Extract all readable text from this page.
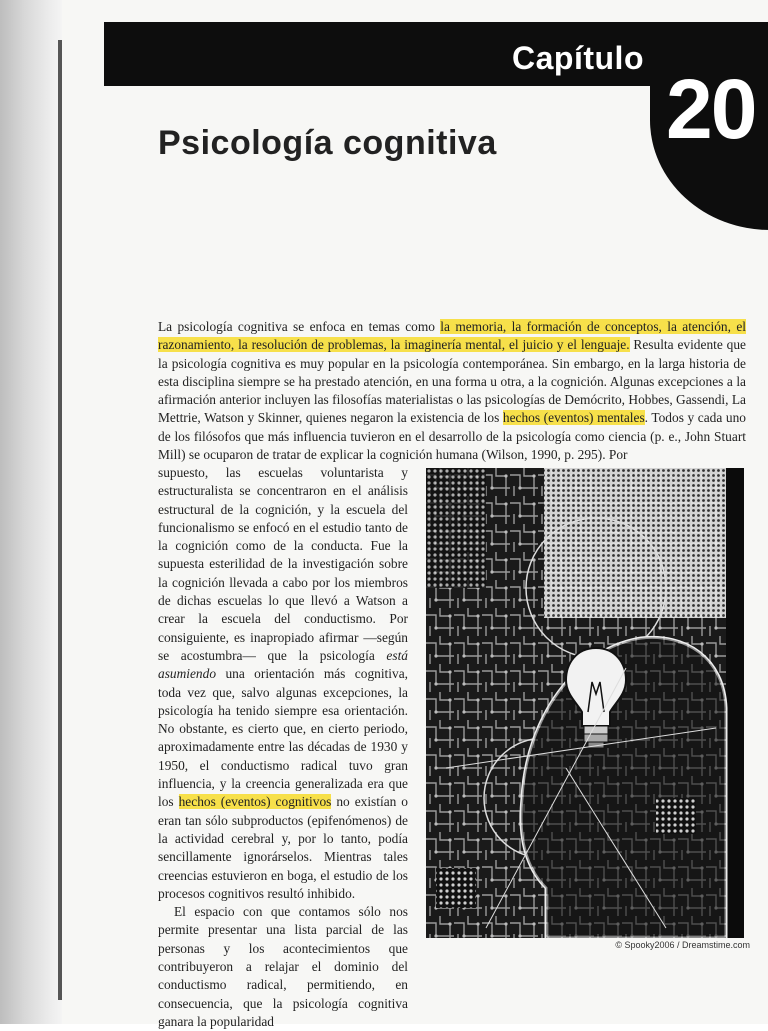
Capítulo
20
Psicología cognitiva
La psicología cognitiva se enfoca en temas como la memoria, la formación de conceptos, la atención, el razonamiento, la resolución de problemas, la imaginería mental, el juicio y el lenguaje. Resulta evidente que la psicología cognitiva es muy popular en la psicología contemporánea. Sin embargo, en la larga historia de esta disciplina siempre se ha prestado atención, en una forma u otra, a la cognición. Algunas excepciones a la afirmación anterior incluyen las filosofías materialistas o las psicologías de Demócrito, Hobbes, Gassendi, La Mettrie, Watson y Skinner, quienes negaron la existencia de los hechos (eventos) mentales. Todos y cada uno de los filósofos que más influencia tuvieron en el desarrollo de la psicología como ciencia (p. e., John Stuart Mill) se ocuparon de tratar de explicar la cognición humana (Wilson, 1990, p. 295). Por

supuesto, las escuelas voluntarista y estructuralista se concentraron en el análisis estructural de la cognición, y la escuela del funcionalismo se enfocó en el estudio tanto de la cognición como de la conducta. Fue la supuesta esterilidad de la investigación sobre la cognición llevada a cabo por los miembros de dichas escuelas lo que llevó a Watson a crear la escuela del conductismo. Por consiguiente, es inapropiado afirmar —según se acostumbra— que la psicología está asumiendo una orientación más cognitiva, toda vez que, salvo algunas excepciones, la psicología ha tenido siempre esa orientación. No obstante, es cierto que, en cierto periodo, aproximadamente entre las décadas de 1930 y 1950, el conductismo radical tuvo gran influencia, y la creencia generalizada era que los hechos (eventos) cognitivos no existían o eran tan sólo subproductos (epifenómenos) de la actividad cerebral y, por lo tanto, podía sencillamente ignorárselos. Mientras tales creencias estuvieron en boga, el estudio de los procesos cognitivos resultó inhibido.

El espacio con que contamos sólo nos permite presentar una lista parcial de las personas y los acontecimientos que contribuyeron a relajar el dominio del conductismo radical, permitiendo, en consecuencia, que la psicología cognitiva ganara la popularidad

© Spooky2006 / Dreamstime.com
